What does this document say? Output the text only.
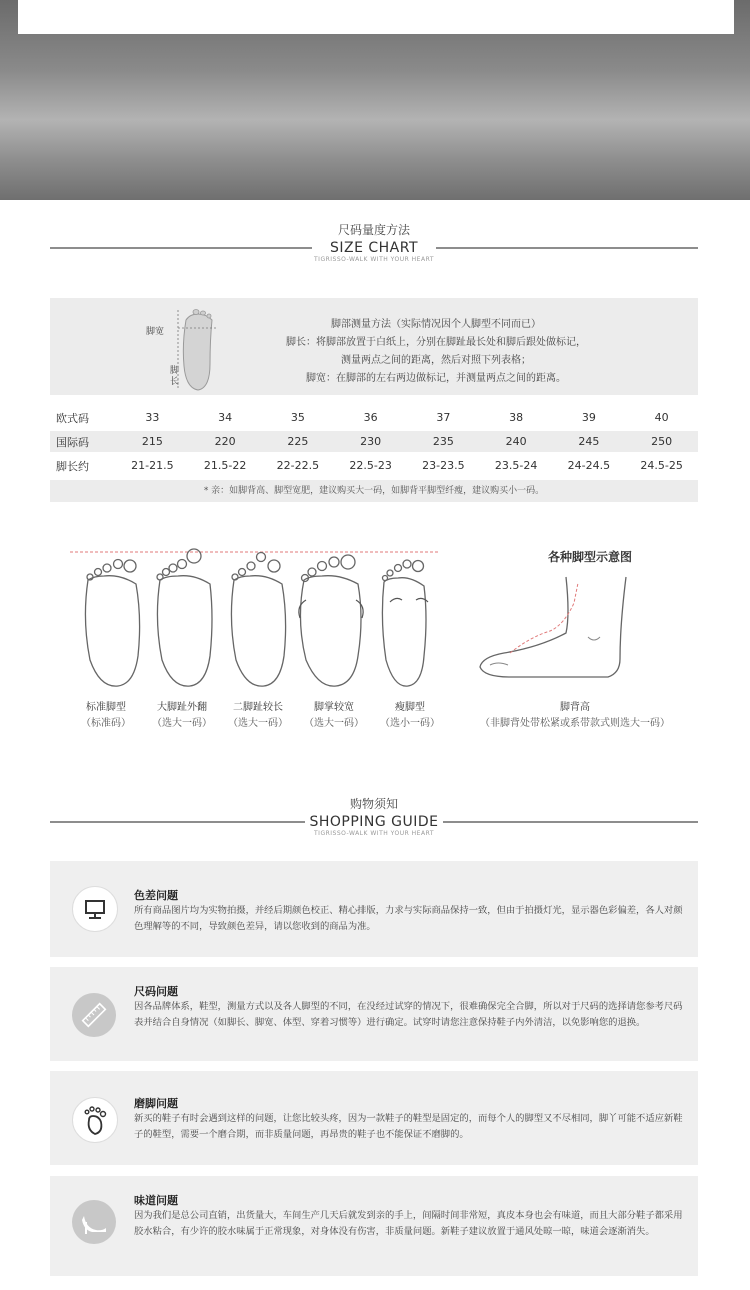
尺码量度方法
SIZE CHART
TIGRISSO-WALK WITH YOUR HEART
脚宽
脚长
脚部测量方法（实际情况因个人脚型不同而已）
脚长：将脚部放置于白纸上，分别在脚趾最长处和脚后跟处做标记，
测量两点之间的距离，然后对照下列表格；
脚宽：在脚部的左右两边做标记，并测量两点之间的距离。
欧式码	33	34	35	36	37	38	39	40
国际码	215	220	225	230	235	240	245	250
脚长约	21-21.5	21.5-22	22-22.5	22.5-23	23-23.5	23.5-24	24-24.5	24.5-25
* 亲：如脚背高、脚型宽肥，建议购买大一码，如脚背平脚型纤瘦，建议购买小一码。
标准脚型
（标准码）
大脚趾外翻
（选大一码）
二脚趾较长
（选大一码）
脚掌较宽
（选大一码）
瘦脚型
（选小一码）
各种脚型示意图
脚背高
（非脚背处带松紧或系带款式则选大一码）
购物须知
SHOPPING GUIDE
TIGRISSO-WALK WITH YOUR HEART
色差问题
所有商品图片均为实物拍摄，并经后期颜色校正、精心排版，力求与实际商品保持一致，但由于拍摄灯光，显示器色彩偏差，各人对颜色理解等的不同，导致颜色差异，请以您收到的商品为准。
尺码问题
因各品牌体系，鞋型，测量方式以及各人脚型的不同，在没经过试穿的情况下，很难确保完全合脚，所以对于尺码的选择请您参考尺码表并结合自身情况（如脚长、脚宽、体型、穿着习惯等）进行确定。试穿时请您注意保持鞋子内外清洁，以免影响您的退换。
磨脚问题
新买的鞋子有时会遇到这样的问题，让您比较头疼，因为一款鞋子的鞋型是固定的，而每个人的脚型又不尽相同，脚丫可能不适应新鞋子的鞋型，需要一个磨合期，而非质量问题，再昂贵的鞋子也不能保证不磨脚的。
味道问题
因为我们是总公司直销，出货量大，车间生产几天后就发到亲的手上，间隔时间非常短，真皮本身也会有味道，而且大部分鞋子都采用胶水粘合，有少许的胶水味属于正常现象，对身体没有伤害，非质量问题。新鞋子建议放置于通风处晾一晾，味道会逐渐消失。
